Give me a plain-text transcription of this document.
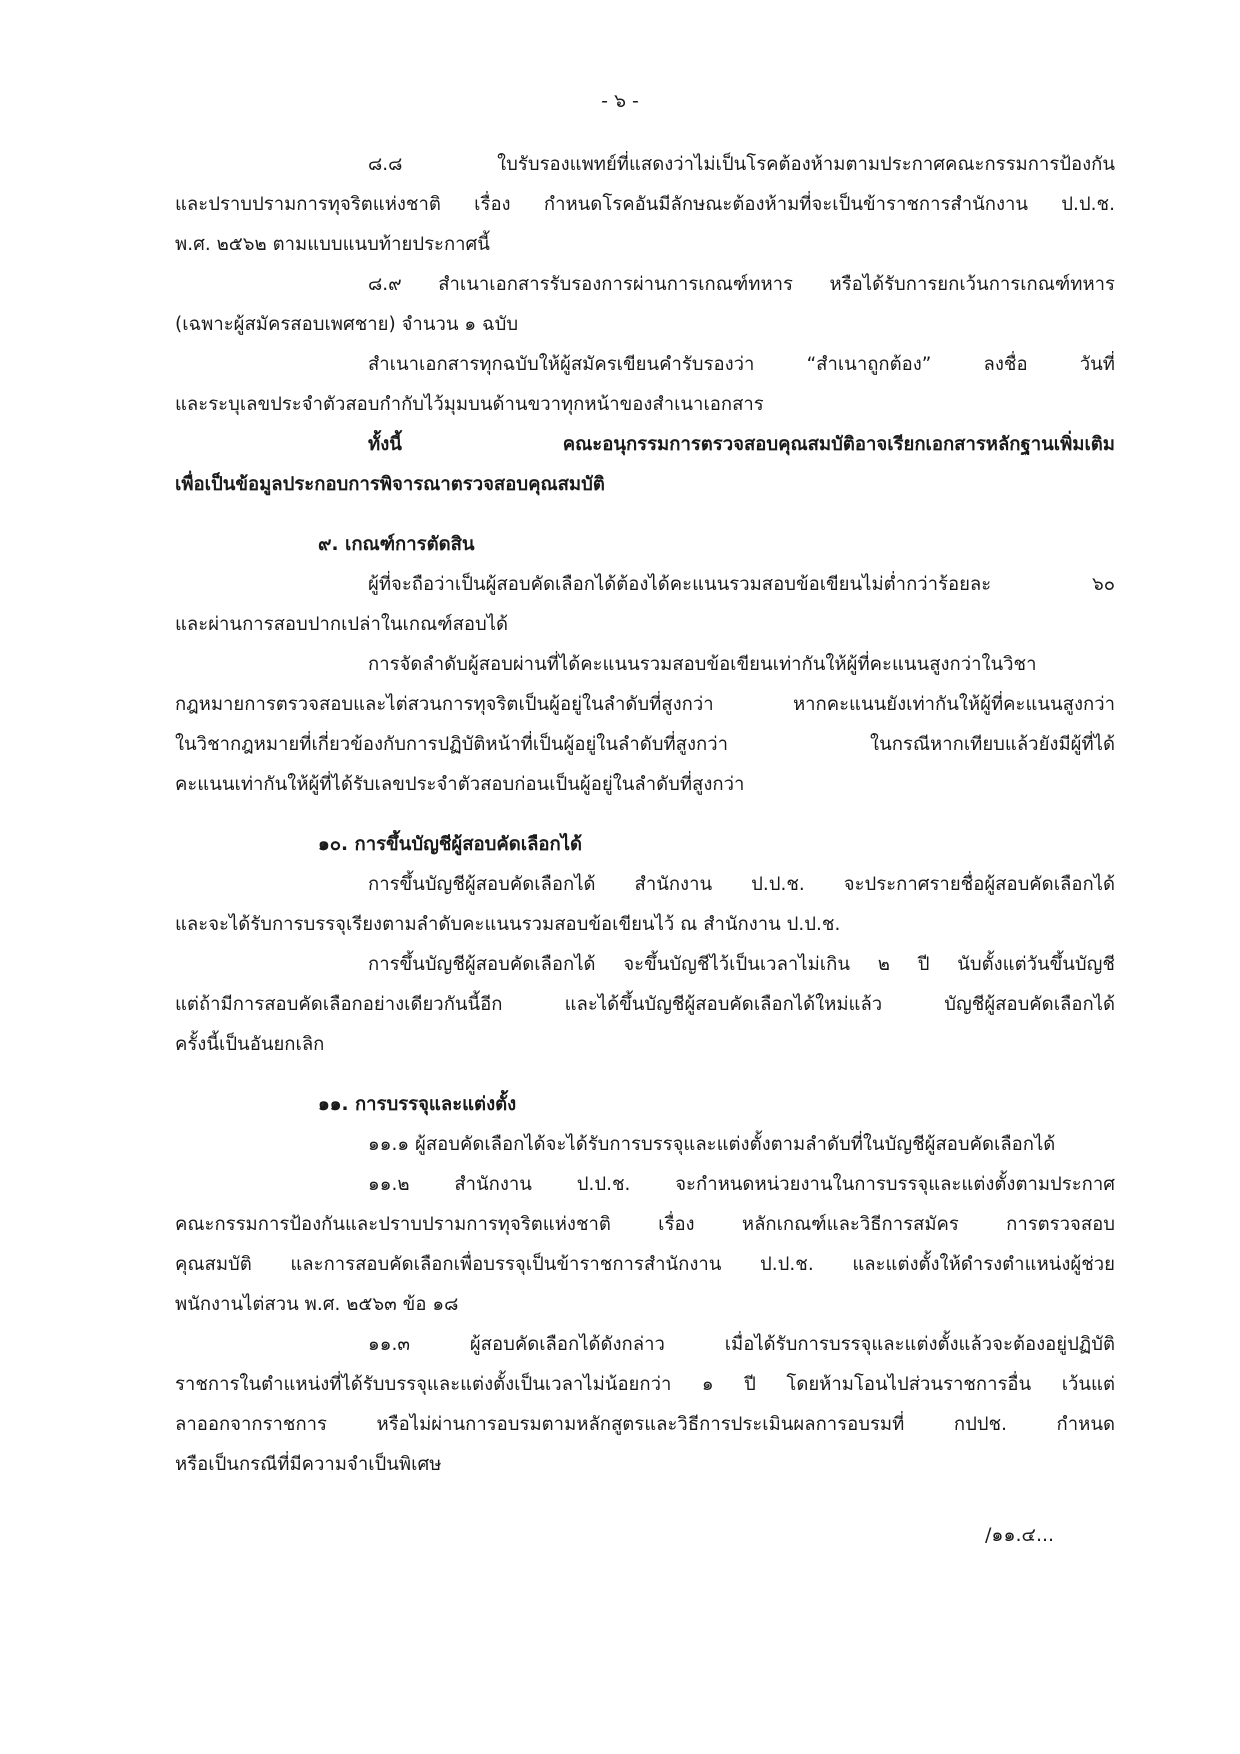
- ๖ -
๘.๘ ใบรับรองแพทย์ที่แสดงว่าไม่เป็นโรคต้องห้ามตามประกาศคณะกรรมการป้องกัน
และปราบปรามการทุจริตแห่งชาติ เรื่อง กำหนดโรคอันมีลักษณะต้องห้ามที่จะเป็นข้าราชการสำนักงาน ป.ป.ช.
พ.ศ. ๒๕๖๒ ตามแบบแนบท้ายประกาศนี้
๘.๙ สำเนาเอกสารรับรองการผ่านการเกณฑ์ทหาร หรือได้รับการยกเว้นการเกณฑ์ทหาร
(เฉพาะผู้สมัครสอบเพศชาย) จำนวน ๑ ฉบับ
สำเนาเอกสารทุกฉบับให้ผู้สมัครเขียนคำรับรองว่า “สำเนาถูกต้อง” ลงชื่อ วันที่
และระบุเลขประจำตัวสอบกำกับไว้มุมบนด้านขวาทุกหน้าของสำเนาเอกสาร
ทั้งนี้ คณะอนุกรรมการตรวจสอบคุณสมบัติอาจเรียกเอกสารหลักฐานเพิ่มเติม
เพื่อเป็นข้อมูลประกอบการพิจารณาตรวจสอบคุณสมบัติ
๙. เกณฑ์การตัดสิน
ผู้ที่จะถือว่าเป็นผู้สอบคัดเลือกได้ต้องได้คะแนนรวมสอบข้อเขียนไม่ต่ำกว่าร้อยละ ๖๐
และผ่านการสอบปากเปล่าในเกณฑ์สอบได้
การจัดลำดับผู้สอบผ่านที่ได้คะแนนรวมสอบข้อเขียนเท่ากันให้ผู้ที่คะแนนสูงกว่าในวิชา
กฎหมายการตรวจสอบและไต่สวนการทุจริตเป็นผู้อยู่ในลำดับที่สูงกว่า หากคะแนนยังเท่ากันให้ผู้ที่คะแนนสูงกว่า
ในวิชากฎหมายที่เกี่ยวข้องกับการปฏิบัติหน้าที่เป็นผู้อยู่ในลำดับที่สูงกว่า ในกรณีหากเทียบแล้วยังมีผู้ที่ได้
คะแนนเท่ากันให้ผู้ที่ได้รับเลขประจำตัวสอบก่อนเป็นผู้อยู่ในลำดับที่สูงกว่า
๑๐. การขึ้นบัญชีผู้สอบคัดเลือกได้
การขึ้นบัญชีผู้สอบคัดเลือกได้ สำนักงาน ป.ป.ช. จะประกาศรายชื่อผู้สอบคัดเลือกได้
และจะได้รับการบรรจุเรียงตามลำดับคะแนนรวมสอบข้อเขียนไว้ ณ สำนักงาน ป.ป.ช.
การขึ้นบัญชีผู้สอบคัดเลือกได้ จะขึ้นบัญชีไว้เป็นเวลาไม่เกิน ๒ ปี นับตั้งแต่วันขึ้นบัญชี
แต่ถ้ามีการสอบคัดเลือกอย่างเดียวกันนี้อีก และได้ขึ้นบัญชีผู้สอบคัดเลือกได้ใหม่แล้ว บัญชีผู้สอบคัดเลือกได้
ครั้งนี้เป็นอันยกเลิก
๑๑. การบรรจุและแต่งตั้ง
๑๑.๑ ผู้สอบคัดเลือกได้จะได้รับการบรรจุและแต่งตั้งตามลำดับที่ในบัญชีผู้สอบคัดเลือกได้
๑๑.๒ สำนักงาน ป.ป.ช. จะกำหนดหน่วยงานในการบรรจุและแต่งตั้งตามประกาศ
คณะกรรมการป้องกันและปราบปรามการทุจริตแห่งชาติ เรื่อง หลักเกณฑ์และวิธีการสมัคร การตรวจสอบ
คุณสมบัติ และการสอบคัดเลือกเพื่อบรรจุเป็นข้าราชการสำนักงาน ป.ป.ช. และแต่งตั้งให้ดำรงตำแหน่งผู้ช่วย
พนักงานไต่สวน พ.ศ. ๒๕๖๓ ข้อ ๑๘
๑๑.๓ ผู้สอบคัดเลือกได้ดังกล่าว เมื่อได้รับการบรรจุและแต่งตั้งแล้วจะต้องอยู่ปฏิบัติ
ราชการในตำแหน่งที่ได้รับบรรจุและแต่งตั้งเป็นเวลาไม่น้อยกว่า ๑ ปี โดยห้ามโอนไปส่วนราชการอื่น เว้นแต่
ลาออกจากราชการ หรือไม่ผ่านการอบรมตามหลักสูตรและวิธีการประเมินผลการอบรมที่ กปปช. กำหนด
หรือเป็นกรณีที่มีความจำเป็นพิเศษ
/๑๑.๔...
